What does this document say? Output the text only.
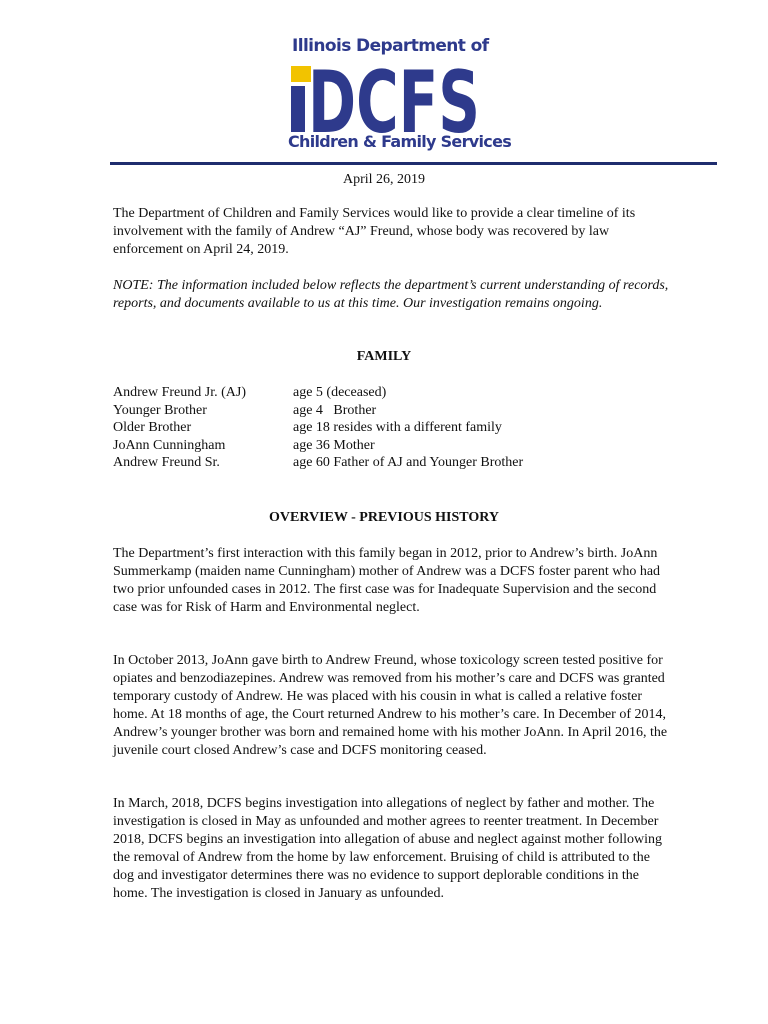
Illinois Department of
DCFS
Children & Family Services
April 26, 2019

The Department of Children and Family Services would like to provide a clear timeline of its involvement with the family of Andrew “AJ” Freund, whose body was recovered by law enforcement on April 24, 2019.

NOTE: The information included below reflects the department’s current understanding of records, reports, and documents available to us at this time. Our investigation remains ongoing.

FAMILY
Andrew Freund Jr. (AJ)	age 5 (deceased)
Younger Brother	age 4   Brother
Older Brother	age 18 resides with a different family
JoAnn Cunningham	age 36 Mother
Andrew Freund Sr.	age 60 Father of AJ and Younger Brother
OVERVIEW - PREVIOUS HISTORY

The Department’s first interaction with this family began in 2012, prior to Andrew’s birth. JoAnn Summerkamp (maiden name Cunningham) mother of Andrew was a DCFS foster parent who had two prior unfounded cases in 2012. The first case was for Inadequate Supervision and the second case was for Risk of Harm and Environmental neglect.

In October 2013, JoAnn gave birth to Andrew Freund, whose toxicology screen tested positive for opiates and benzodiazepines. Andrew was removed from his mother’s care and DCFS was granted temporary custody of Andrew. He was placed with his cousin in what is called a relative foster home. At 18 months of age, the Court returned Andrew to his mother’s care. In December of 2014, Andrew’s younger brother was born and remained home with his mother JoAnn. In April 2016, the juvenile court closed Andrew’s case and DCFS monitoring ceased.

In March, 2018, DCFS begins investigation into allegations of neglect by father and mother. The investigation is closed in May as unfounded and mother agrees to reenter treatment. In December 2018, DCFS begins an investigation into allegation of abuse and neglect against mother following the removal of Andrew from the home by law enforcement. Bruising of child is attributed to the dog and investigator determines there was no evidence to support deplorable conditions in the home. The investigation is closed in January as unfounded.
